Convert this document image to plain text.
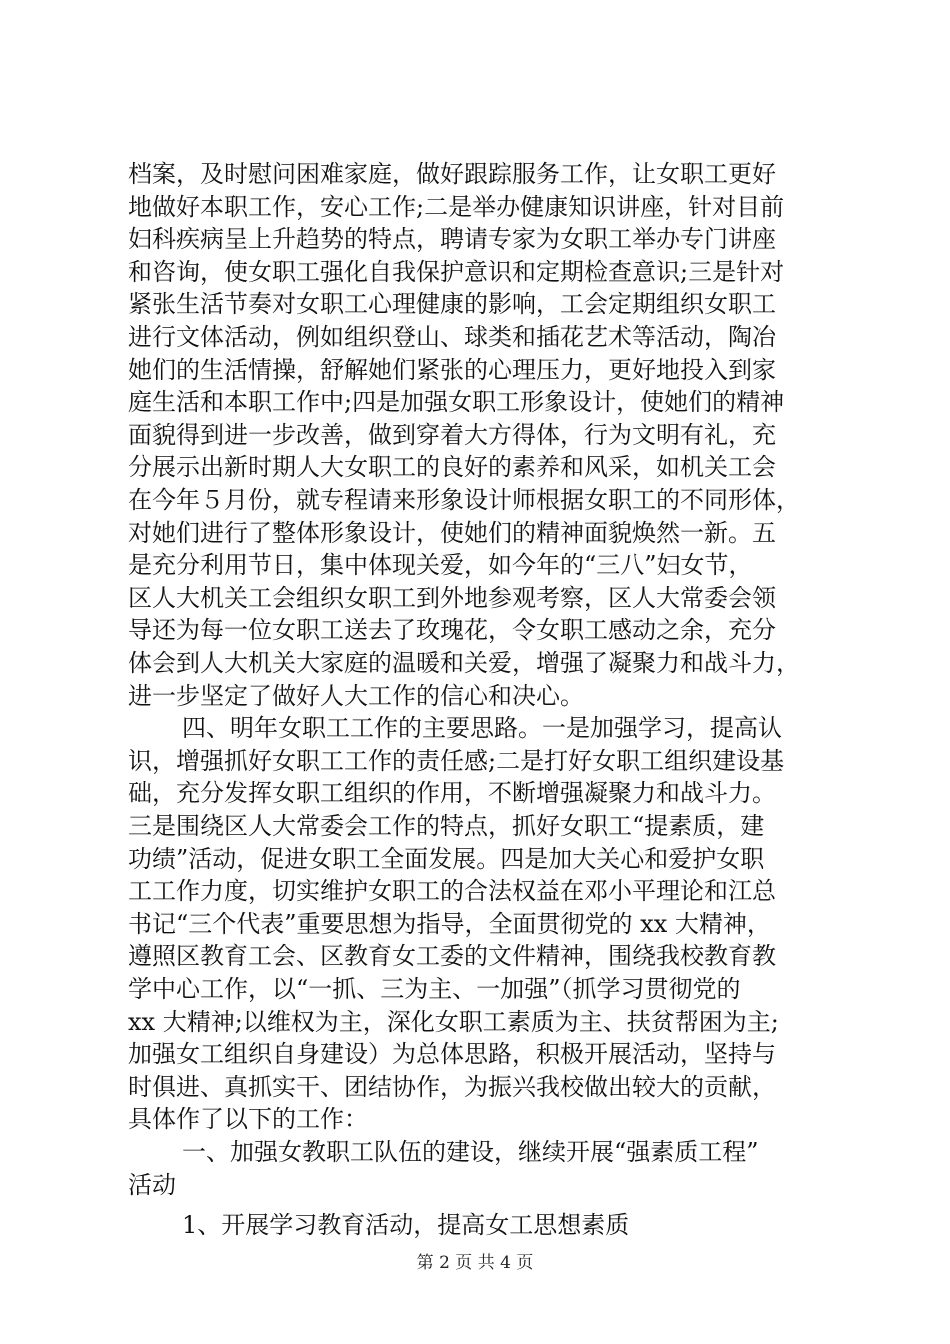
档案，及时慰问困难家庭，做好跟踪服务工作，让女职工更好
地做好本职工作，安心工作;二是举办健康知识讲座，针对目前
妇科疾病呈上升趋势的特点，聘请专家为女职工举办专门讲座
和咨询，使女职工强化自我保护意识和定期检查意识;三是针对
紧张生活节奏对女职工心理健康的影响，工会定期组织女职工
进行文体活动，例如组织登山、球类和插花艺术等活动，陶冶
她们的生活情操，舒解她们紧张的心理压力，更好地投入到家
庭生活和本职工作中;四是加强女职工形象设计，使她们的精神
面貌得到进一步改善，做到穿着大方得体，行为文明有礼，充
分展示出新时期人大女职工的良好的素养和风采，如机关工会
在今年５月份，就专程请来形象设计师根据女职工的不同形体，
对她们进行了整体形象设计，使她们的精神面貌焕然一新。五
是充分利用节日，集中体现关爱，如今年的“三八”妇女节，
区人大机关工会组织女职工到外地参观考察，区人大常委会领
导还为每一位女职工送去了玫瑰花，令女职工感动之余，充分
体会到人大机关大家庭的温暖和关爱，增强了凝聚力和战斗力，
进一步坚定了做好人大工作的信心和决心。
四、明年女职工工作的主要思路。一是加强学习，提高认
识，增强抓好女职工工作的责任感;二是打好女职工组织建设基
础，充分发挥女职工组织的作用，不断增强凝聚力和战斗力。
三是围绕区人大常委会工作的特点，抓好女职工“提素质，建
功绩”活动，促进女职工全面发展。四是加大关心和爱护女职
工工作力度，切实维护女职工的合法权益在邓小平理论和江总
书记“三个代表”重要思想为指导，全面贯彻党的 xx 大精神，
遵照区教育工会、区教育女工委的文件精神，围绕我校教育教
学中心工作，以“一抓、三为主、一加强”（抓学习贯彻党的
xx 大精神;以维权为主，深化女职工素质为主、扶贫帮困为主;
加强女工组织自身建设）为总体思路，积极开展活动，坚持与
时俱进、真抓实干、团结协作，为振兴我校做出较大的贡献，
具体作了以下的工作：
一、加强女教职工队伍的建设，继续开展“强素质工程”
活动
1、开展学习教育活动，提高女工思想素质
第 2 页 共 4 页
